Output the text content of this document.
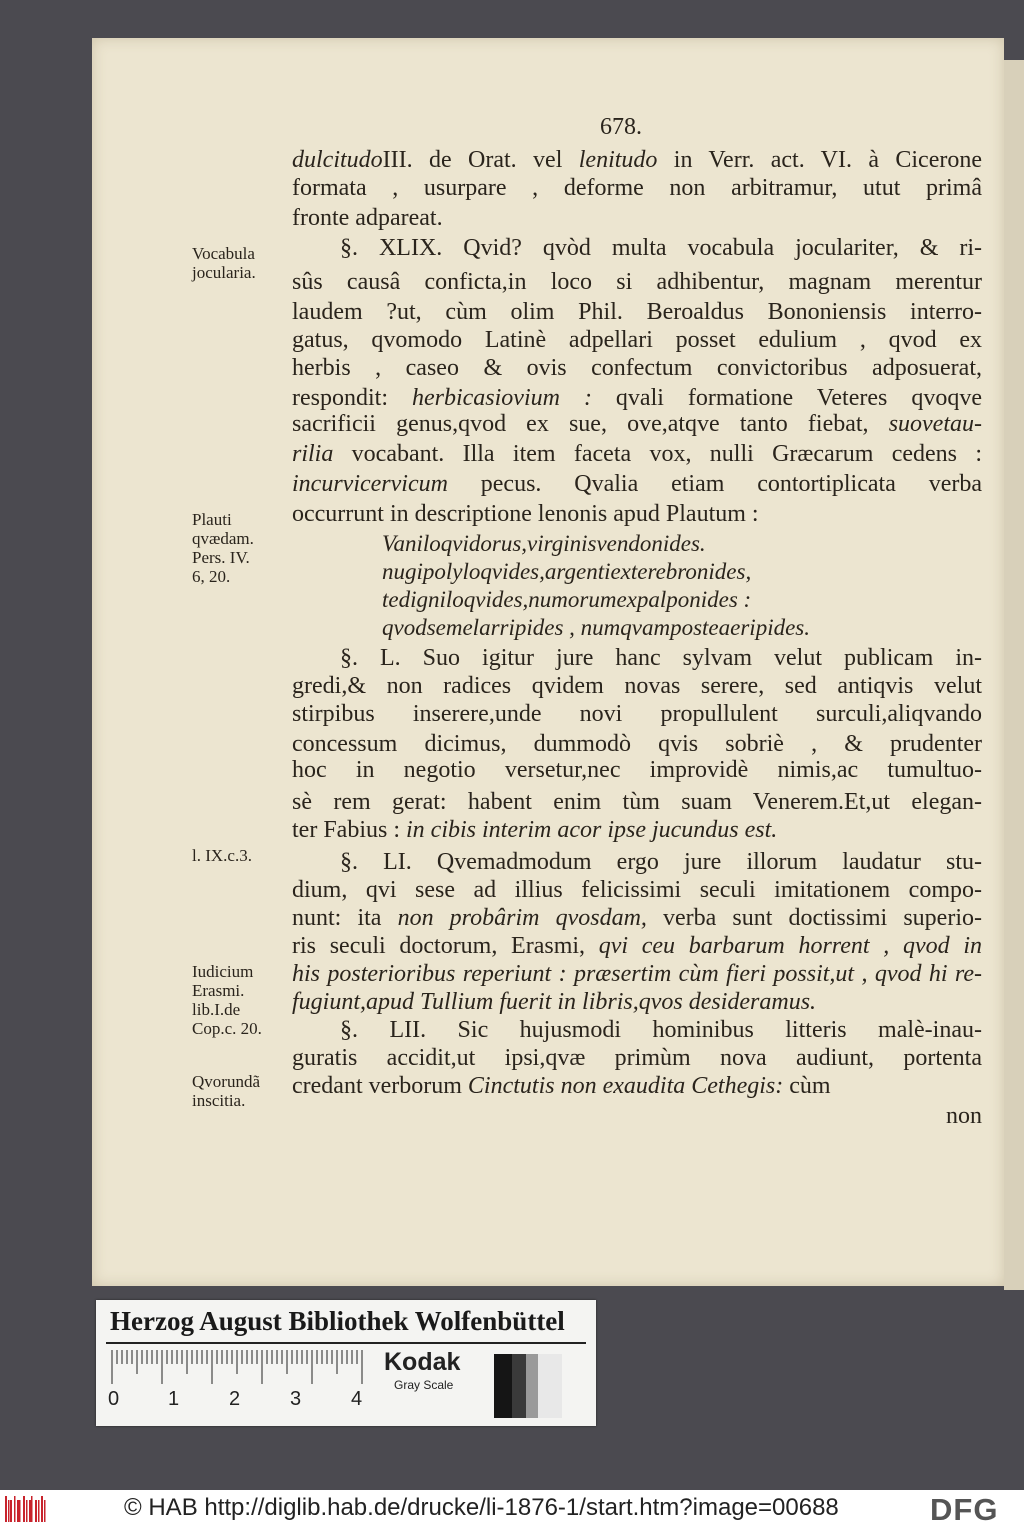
678.
dulcitudoIII. de Orat. vel lenitudo in Verr. act. VI. à Cicerone
formata , usurpare , deforme non arbitramur, utut primâ
fronte adpareat.
§. XLIX. Qvid? qvòd multa vocabula joculariter, & ri-
sûs causâ conficta,in loco si adhibentur, magnam merentur
laudem ?ut, cùm olim Phil. Beroaldus Bononiensis interro-
gatus, qvomodo Latinè adpellari posset edulium , qvod ex
herbis , caseo & ovis confectum convictoribus adposuerat,
respondit: herbicasiovium : qvali formatione Veteres qvoqve
sacrificii genus,qvod ex sue, ove,atqve tanto fiebat, suovetau-
rilia vocabant. Illa item faceta vox, nulli Græcarum cedens :
incurvicervicum pecus. Qvalia etiam contortiplicata verba
occurrunt in descriptione lenonis apud Plautum :
Vaniloqvidorus,virginisvendonides.
nugipolyloqvides,argentiexterebronides,
tedigniloqvides,numorumexpalponides :
qvodsemelarripides , numqvamposteaeripides.
§. L. Suo igitur jure hanc sylvam velut publicam in-
gredi,& non radices qvidem novas serere, sed antiqvis velut
stirpibus inserere,unde novi propullulent surculi,aliqvando
concessum dicimus, dummodò qvis sobriè , & prudenter
hoc in negotio versetur,nec improvidè nimis,ac tumultuo-
sè rem gerat: habent enim tùm suam Venerem.Et,ut elegan-
ter Fabius : in cibis interim acor ipse jucundus est.
§. LI. Qvemadmodum ergo jure illorum laudatur stu-
dium, qvi sese ad illius felicissimi seculi imitationem compo-
nunt: ita non probârim qvosdam, verba sunt doctissimi superio-
ris seculi doctorum, Erasmi, qvi ceu barbarum horrent , qvod in
his posterioribus reperiunt : præsertim cùm fieri possit,ut , qvod hi re-
fugiunt,apud Tullium fuerit in libris,qvos desideramus.
§. LII. Sic hujusmodi hominibus litteris malè-inau-
guratis accidit,ut ipsi,qvæ primùm nova audiunt, portenta
credant verborum Cinctutis non exaudita Cethegis: cùm
non
Vocabula
jocularia.
Plauti
qvædam.
Pers. IV.
6, 20.
l. IX.c.3.
Iudicium
Erasmi.
lib.I.de
Cop.c. 20.
Qvorundã
inscitia.
Herzog August Bibliothek Wolfenbüttel
0 1 2 3 4
Kodak
Gray Scale
© HAB http://diglib.hab.de/drucke/li-1876-1/start.htm?image=00688	DFG
